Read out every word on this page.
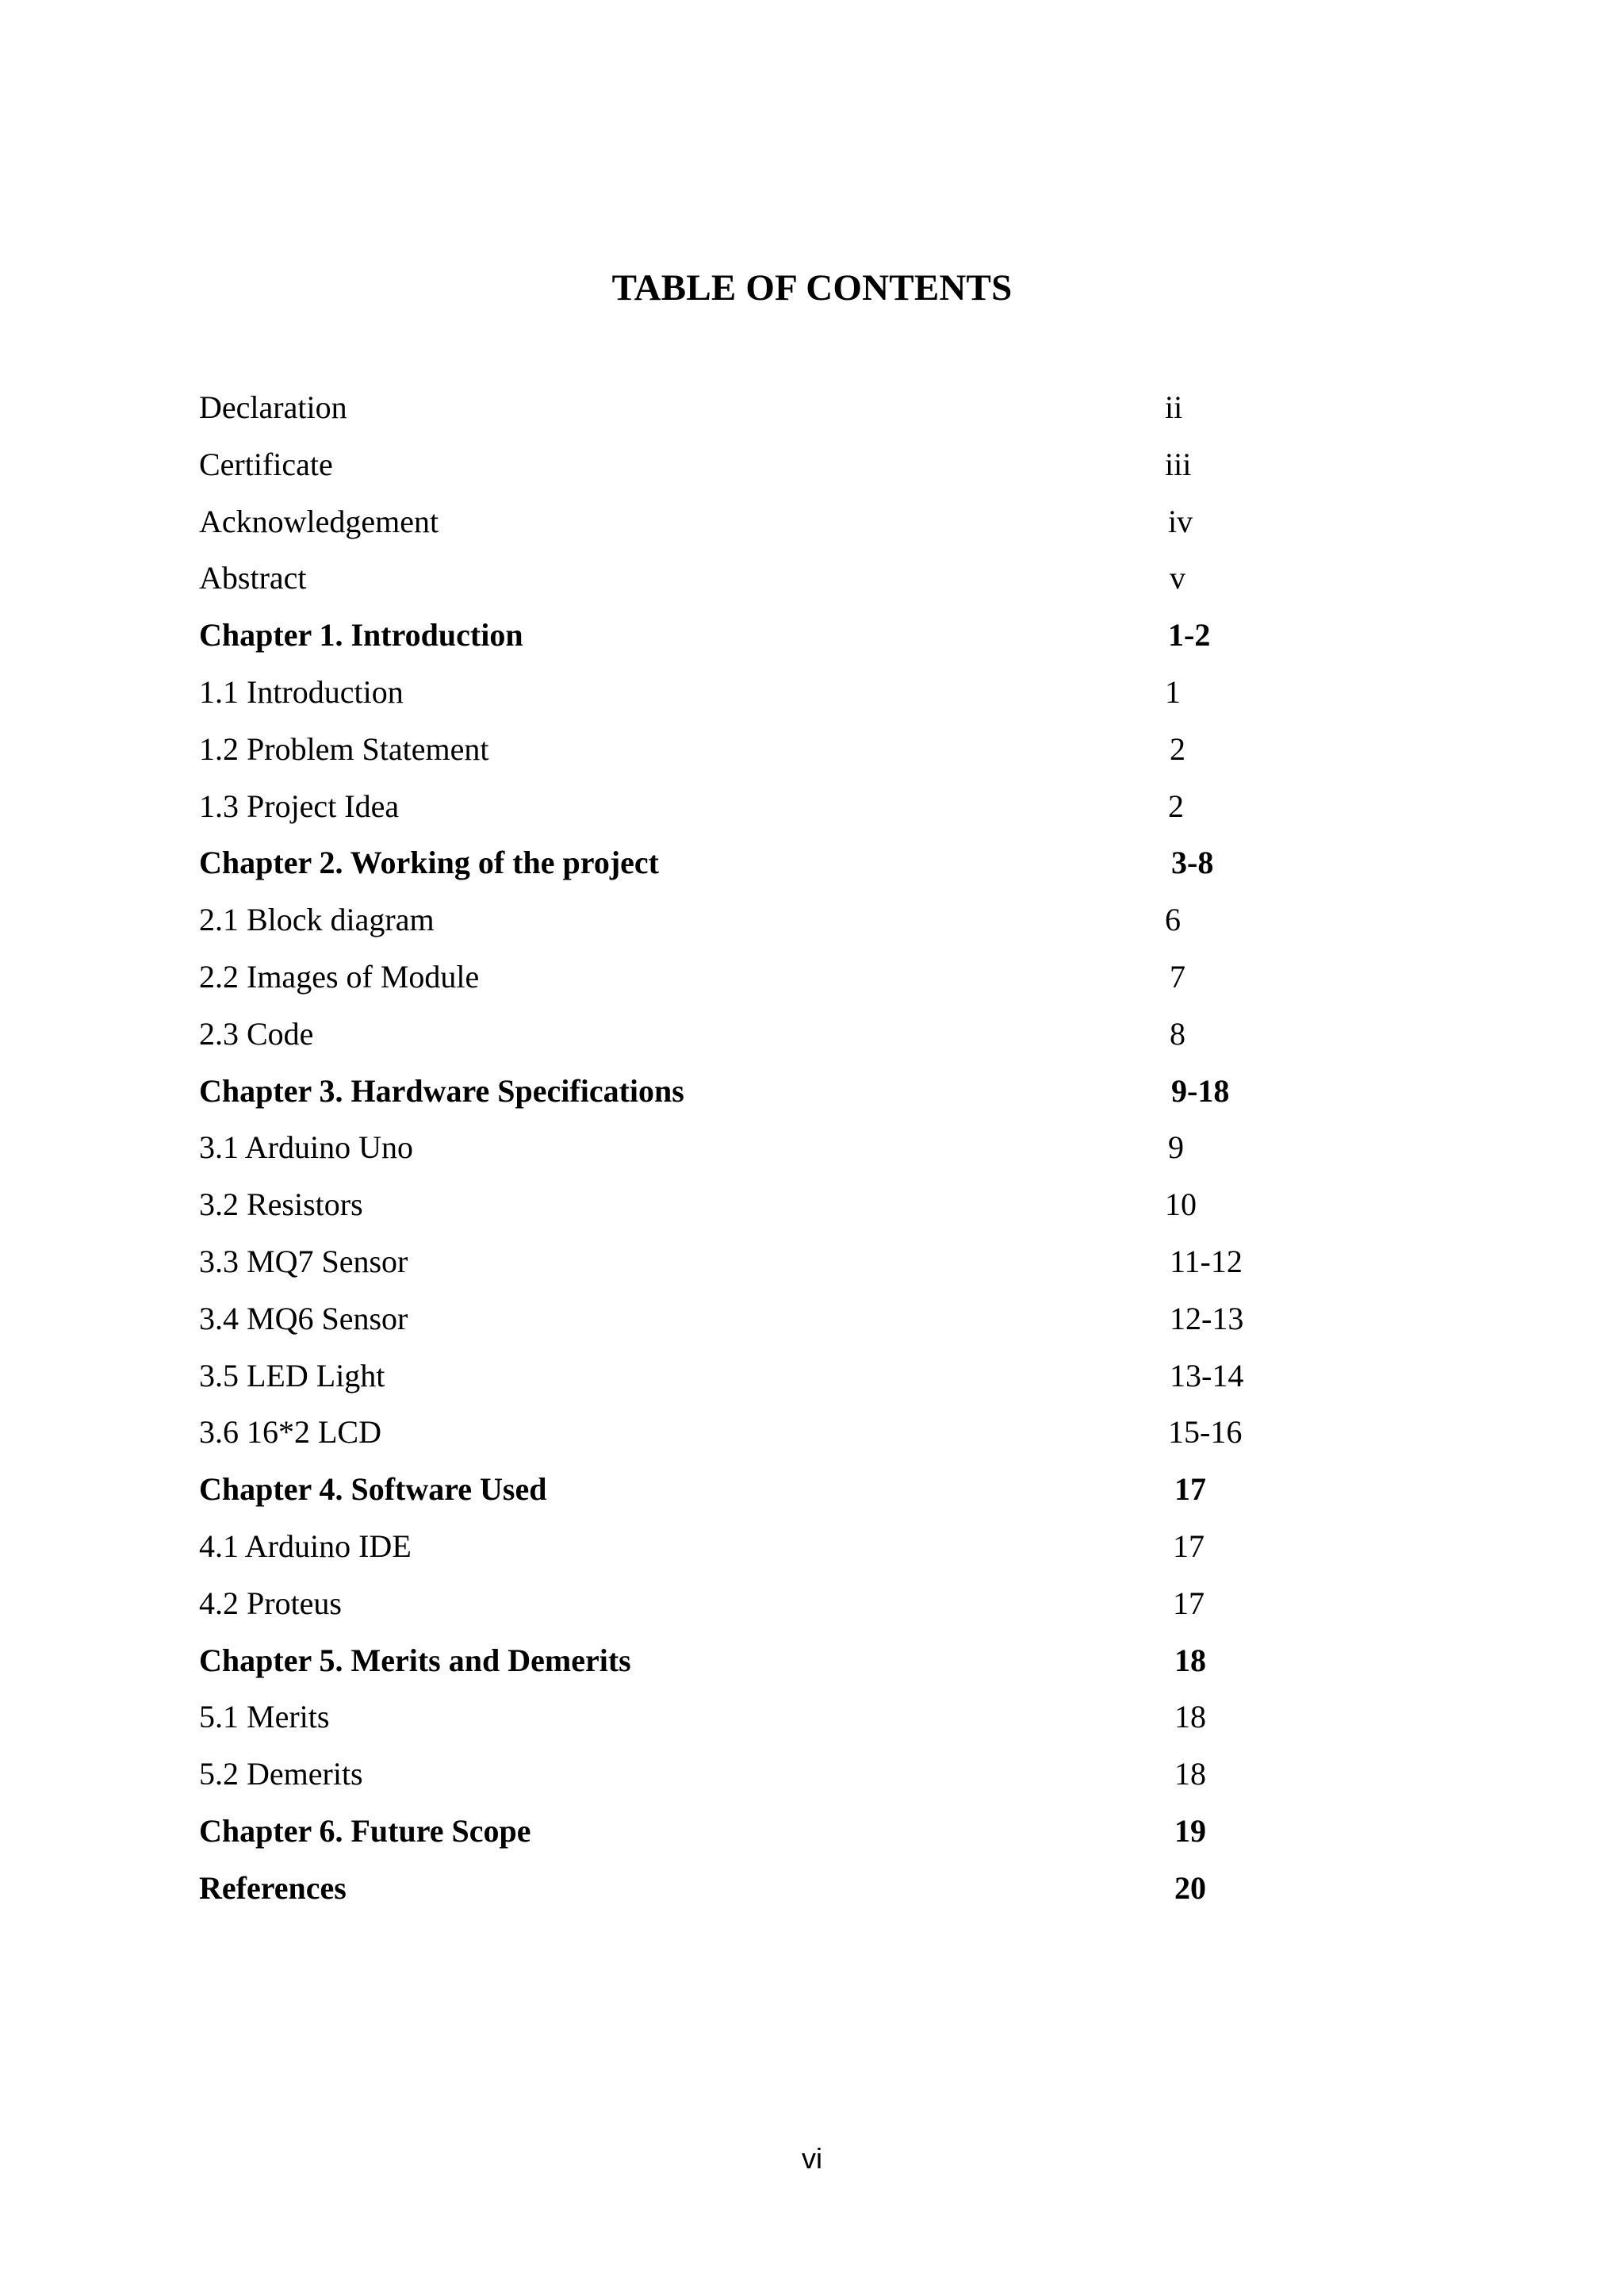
TABLE OF CONTENTS
Declaration	ii
Certificate	iii
Acknowledgement	iv
Abstract	v
Chapter 1. Introduction	1-2
1.1 Introduction	1
1.2 Problem Statement	2
1.3 Project Idea	2
Chapter 2. Working of the project	3-8
2.1 Block diagram	6
2.2 Images of Module	7
2.3 Code	8
Chapter 3. Hardware Specifications	9-18
3.1 Arduino Uno	9
3.2 Resistors	10
3.3 MQ7 Sensor	11-12
3.4 MQ6 Sensor	12-13
3.5 LED Light	13-14
3.6 16*2 LCD	15-16
Chapter 4. Software Used	17
4.1 Arduino IDE	17
4.2 Proteus	17
Chapter 5. Merits and Demerits	18
5.1 Merits	18
5.2 Demerits	18
Chapter 6. Future Scope	19
References	20
vi
